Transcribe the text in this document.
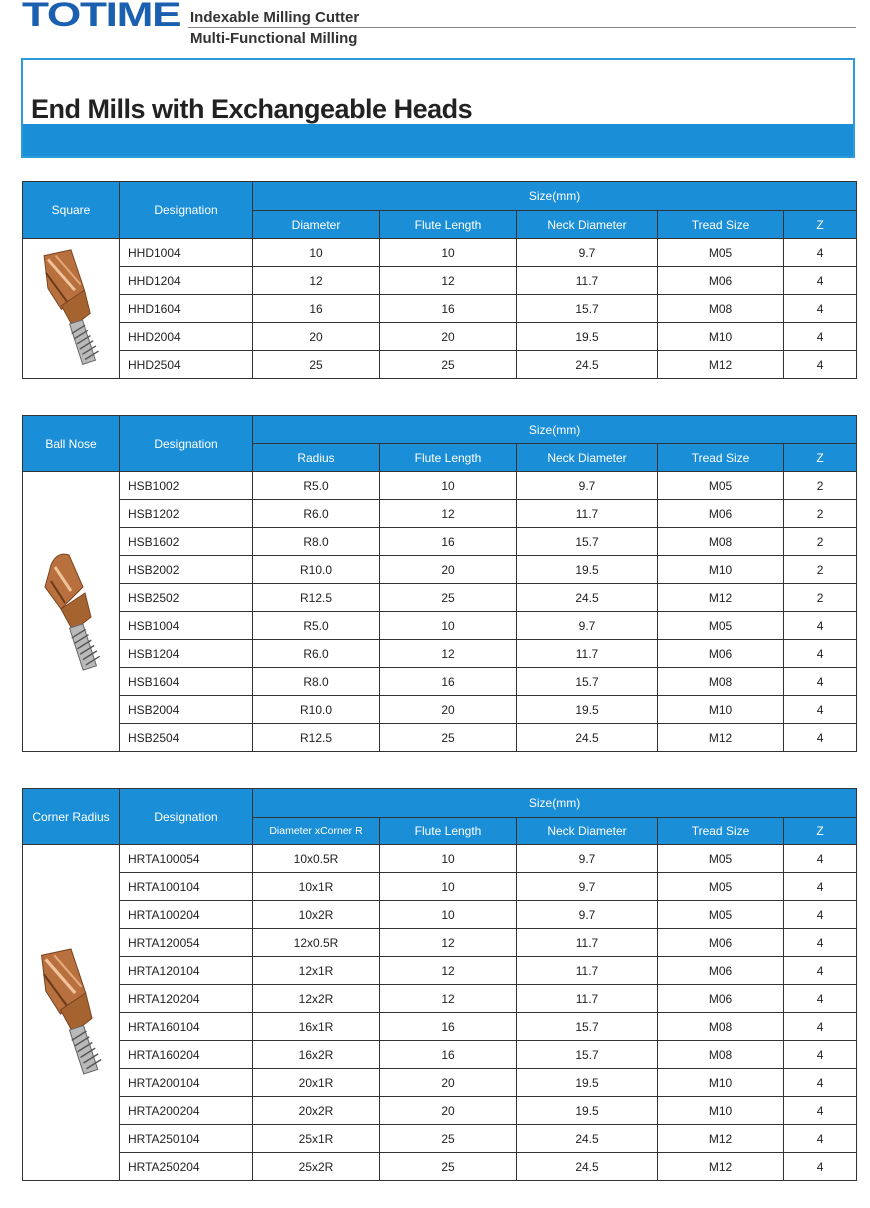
TOTIME Indexable Milling Cutter
Multi-Functional Milling
End Mills with Exchangeable Heads
Square	Designation	Size(mm)				
		Diameter	Flute Length	Neck Diameter	Tread Size	Z

	HHD1004	10	10	9.7	M05	4
	HHD1204	12	12	11.7	M06	4
	HHD1604	16	16	15.7	M08	4
	HHD2004	20	20	19.5	M10	4
	HHD2504	25	25	24.5	M12	4
Ball Nose	Designation	Size(mm)				
		Radius	Flute Length	Neck Diameter	Tread Size	Z

	HSB1002	R5.0	10	9.7	M05	2
	HSB1202	R6.0	12	11.7	M06	2
	HSB1602	R8.0	16	15.7	M08	2
	HSB2002	R10.0	20	19.5	M10	2
	HSB2502	R12.5	25	24.5	M12	2
	HSB1004	R5.0	10	9.7	M05	4
	HSB1204	R6.0	12	11.7	M06	4
	HSB1604	R8.0	16	15.7	M08	4
	HSB2004	R10.0	20	19.5	M10	4
	HSB2504	R12.5	25	24.5	M12	4
Corner Radius	Designation	Size(mm)				
		Diameter xCorner R	Flute Length	Neck Diameter	Tread Size	Z

	HRTA100054	10x0.5R	10	9.7	M05	4
	HRTA100104	10x1R	10	9.7	M05	4
	HRTA100204	10x2R	10	9.7	M05	4
	HRTA120054	12x0.5R	12	11.7	M06	4
	HRTA120104	12x1R	12	11.7	M06	4
	HRTA120204	12x2R	12	11.7	M06	4
	HRTA160104	16x1R	16	15.7	M08	4
	HRTA160204	16x2R	16	15.7	M08	4
	HRTA200104	20x1R	20	19.5	M10	4
	HRTA200204	20x2R	20	19.5	M10	4
	HRTA250104	25x1R	25	24.5	M12	4
	HRTA250204	25x2R	25	24.5	M12	4
